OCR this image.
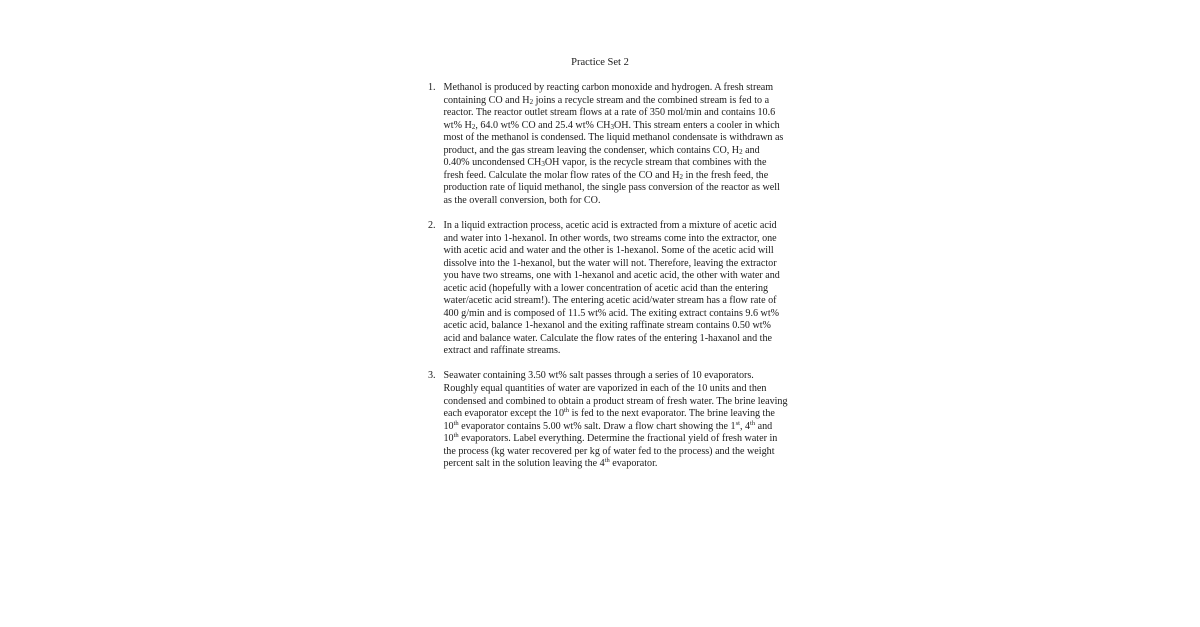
Practice Set 2
1. Methanol is produced by reacting carbon monoxide and hydrogen. A fresh stream containing CO and $H_2$ joins a recycle stream and the combined stream is fed to a reactor. The reactor outlet stream flows at a rate of 350 mol/min and contains 10.6 wt% $H_2$, 64.0 wt% CO and 25.4 wt% $CH_3OH$. This stream enters a cooler in which most of the methanol is condensed. The liquid methanol condensate is withdrawn as product, and the gas stream leaving the condenser, which contains CO, $H_2$ and 0.40% uncondensed $CH_3OH$ vapor, is the recycle stream that combines with the fresh feed. Calculate the molar flow rates of the CO and $H_2$ in the fresh feed, the production rate of liquid methanol, the single pass conversion of the reactor as well as the overall conversion, both for CO.
2. In a liquid extraction process, acetic acid is extracted from a mixture of acetic acid and water into 1-hexanol. In other words, two streams come into the extractor, one with acetic acid and water and the other is 1-hexanol. Some of the acetic acid will dissolve into the 1-hexanol, but the water will not. Therefore, leaving the extractor you have two streams, one with 1-hexanol and acetic acid, the other with water and acetic acid (hopefully with a lower concentration of acetic acid than the entering water/acetic acid stream!). The entering acetic acid/water stream has a flow rate of 400 g/min and is composed of 11.5 wt% acid. The exiting extract contains 9.6 wt% acetic acid, balance 1-hexanol and the exiting raffinate stream contains 0.50 wt% acid and balance water. Calculate the flow rates of the entering 1-haxanol and the extract and raffinate streams.
3. Seawater containing 3.50 wt% salt passes through a series of 10 evaporators. Roughly equal quantities of water are vaporized in each of the 10 units and then condensed and combined to obtain a product stream of fresh water. The brine leaving each evaporator except the 10th is fed to the next evaporator. The brine leaving the 10th evaporator contains 5.00 wt% salt. Draw a flow chart showing the 1st, 4th and 10th evaporators. Label everything. Determine the fractional yield of fresh water in the process (kg water recovered per kg of water fed to the process) and the weight percent salt in the solution leaving the 4th evaporator.
